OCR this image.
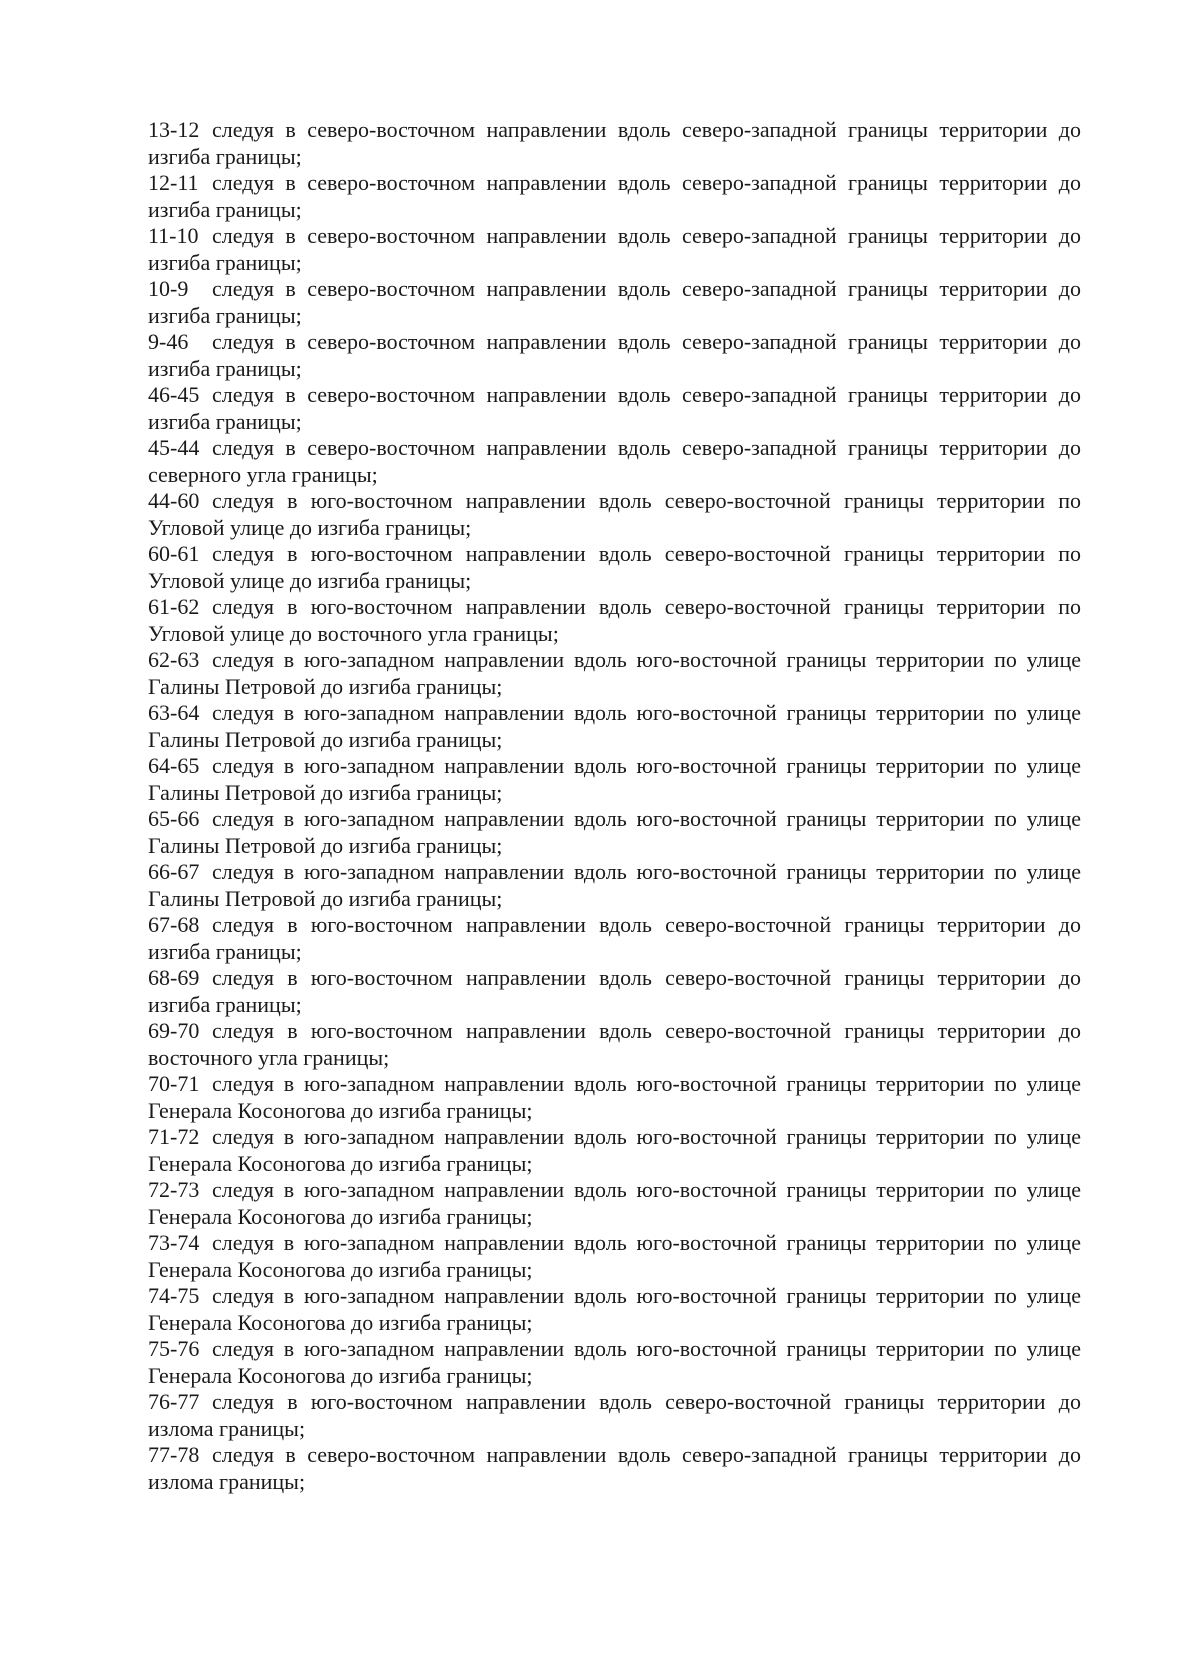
13-12 следуя в северо-восточном направлении вдоль северо-западной границы территории до изгиба границы;

12-11 следуя в северо-восточном направлении вдоль северо-западной границы территории до изгиба границы;

11-10 следуя в северо-восточном направлении вдоль северо-западной границы территории до изгиба границы;

10-9 следуя в северо-восточном направлении вдоль северо-западной границы территории до изгиба границы;

9-46 следуя в северо-восточном направлении вдоль северо-западной границы территории до изгиба границы;

46-45 следуя в северо-восточном направлении вдоль северо-западной границы территории до изгиба границы;

45-44 следуя в северо-восточном направлении вдоль северо-западной границы территории до северного угла границы;

44-60 следуя в юго-восточном направлении вдоль северо-восточной границы территории по Угловой улице до изгиба границы;

60-61 следуя в юго-восточном направлении вдоль северо-восточной границы территории по Угловой улице до изгиба границы;

61-62 следуя в юго-восточном направлении вдоль северо-восточной границы территории по Угловой улице до восточного угла границы;

62-63 следуя в юго-западном направлении вдоль юго-восточной границы территории по улице Галины Петровой до изгиба границы;

63-64 следуя в юго-западном направлении вдоль юго-восточной границы территории по улице Галины Петровой до изгиба границы;

64-65 следуя в юго-западном направлении вдоль юго-восточной границы территории по улице Галины Петровой до изгиба границы;

65-66 следуя в юго-западном направлении вдоль юго-восточной границы территории по улице Галины Петровой до изгиба границы;

66-67 следуя в юго-западном направлении вдоль юго-восточной границы территории по улице Галины Петровой до изгиба границы;

67-68 следуя в юго-восточном направлении вдоль северо-восточной границы территории до изгиба границы;

68-69 следуя в юго-восточном направлении вдоль северо-восточной границы территории до изгиба границы;

69-70 следуя в юго-восточном направлении вдоль северо-восточной границы территории до восточного угла границы;

70-71 следуя в юго-западном направлении вдоль юго-восточной границы территории по улице Генерала Косоногова до изгиба границы;

71-72 следуя в юго-западном направлении вдоль юго-восточной границы территории по улице Генерала Косоногова до изгиба границы;

72-73 следуя в юго-западном направлении вдоль юго-восточной границы территории по улице Генерала Косоногова до изгиба границы;

73-74 следуя в юго-западном направлении вдоль юго-восточной границы территории по улице Генерала Косоногова до изгиба границы;

74-75 следуя в юго-западном направлении вдоль юго-восточной границы территории по улице Генерала Косоногова до изгиба границы;

75-76 следуя в юго-западном направлении вдоль юго-восточной границы территории по улице Генерала Косоногова до изгиба границы;

76-77 следуя в юго-восточном направлении вдоль северо-восточной границы территории до излома границы;

77-78 следуя в северо-восточном направлении вдоль северо-западной границы территории до излома границы;
